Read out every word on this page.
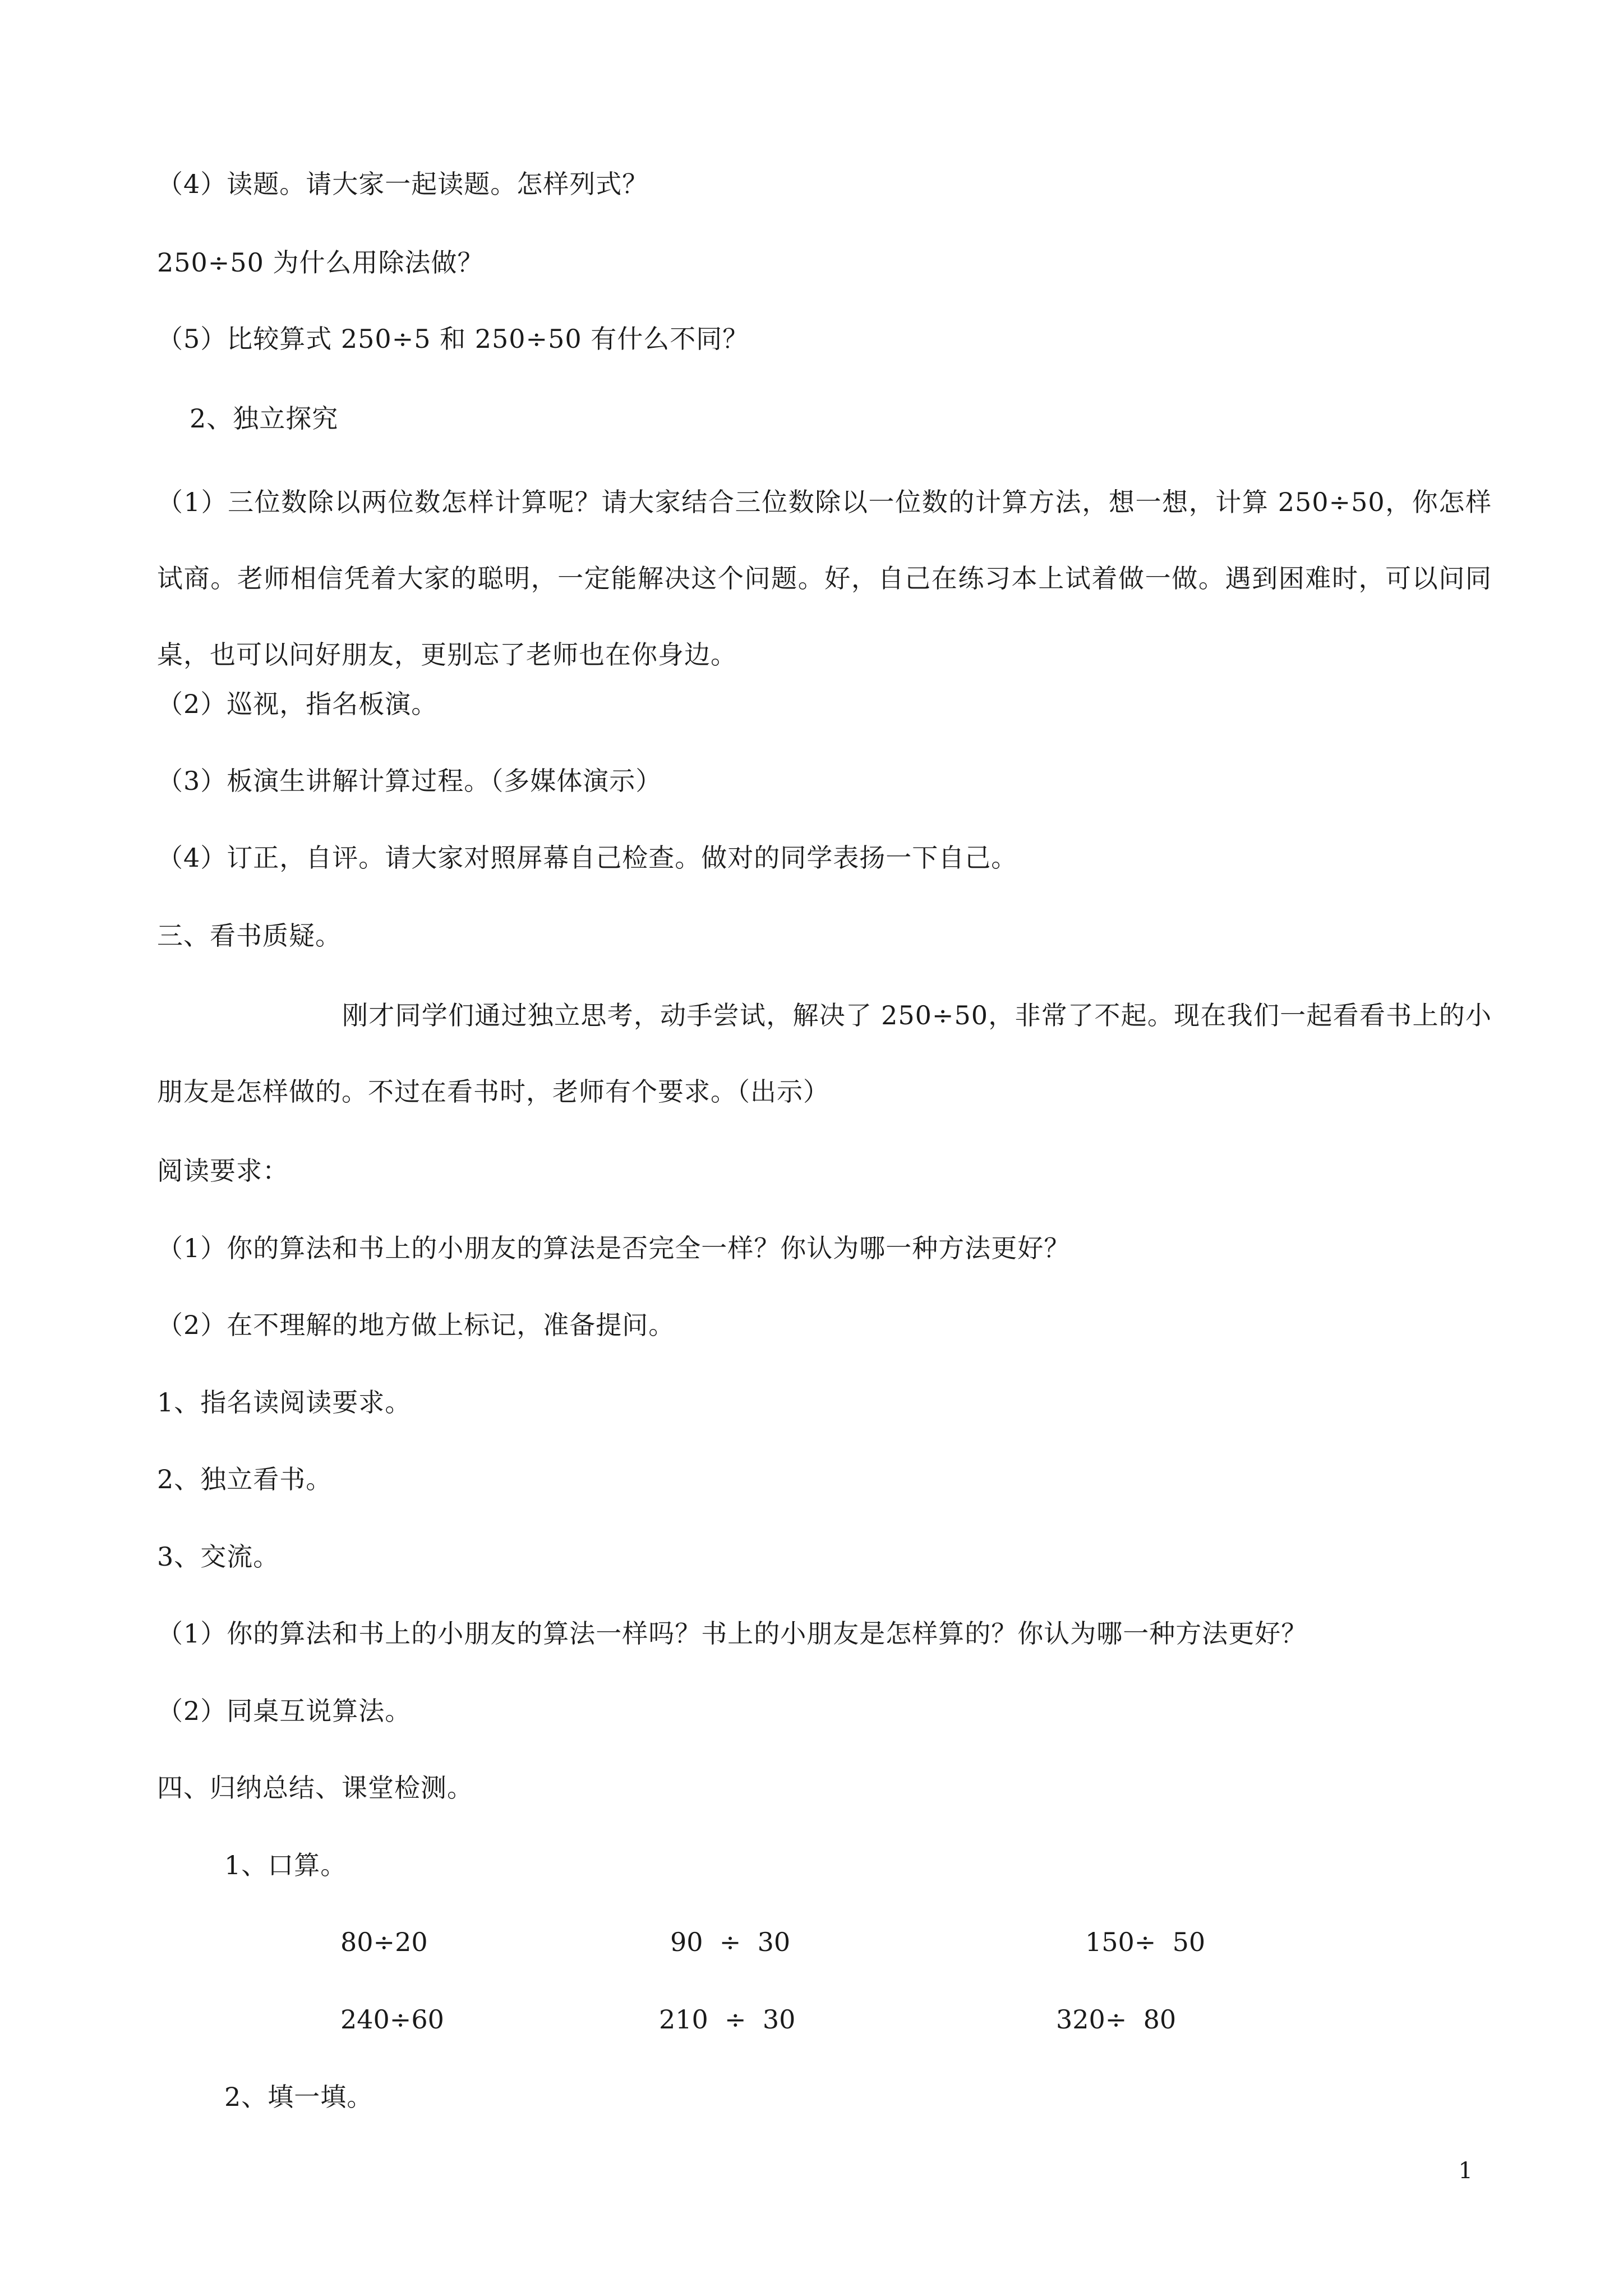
（4）读题。请大家一起读题。怎样列式？
250÷50 为什么用除法做？
（5）比较算式 250÷5 和 250÷50 有什么不同？
2、独立探究
（1）三位数除以两位数怎样计算呢？请大家结合三位数除以一位数的计算方法，想一想，计算 250÷50，你怎样试商。老师相信凭着大家的聪明，一定能解决这个问题。好，自己在练习本上试着做一做。遇到困难时，可以问同桌，也可以问好朋友，更别忘了老师也在你身边。
（2）巡视，指名板演。
（3）板演生讲解计算过程。（多媒体演示）
（4）订正，自评。请大家对照屏幕自己检查。做对的同学表扬一下自己。
三、看书质疑。
刚才同学们通过独立思考，动手尝试，解决了 250÷50，非常了不起。现在我们一起看看书上的小朋友是怎样做的。不过在看书时，老师有个要求。（出示）
阅读要求：
（1）你的算法和书上的小朋友的算法是否完全一样？你认为哪一种方法更好？
（2）在不理解的地方做上标记，准备提问。
1、指名读阅读要求。
2、独立看书。
3、交流。
（1）你的算法和书上的小朋友的算法一样吗？书上的小朋友是怎样算的？你认为哪一种方法更好？
（2）同桌互说算法。
四、归纳总结、课堂检测。
1、口算。
80÷20	90  ÷  30	150÷  50
240÷60	210  ÷  30	320÷  80
2、填一填。
1
